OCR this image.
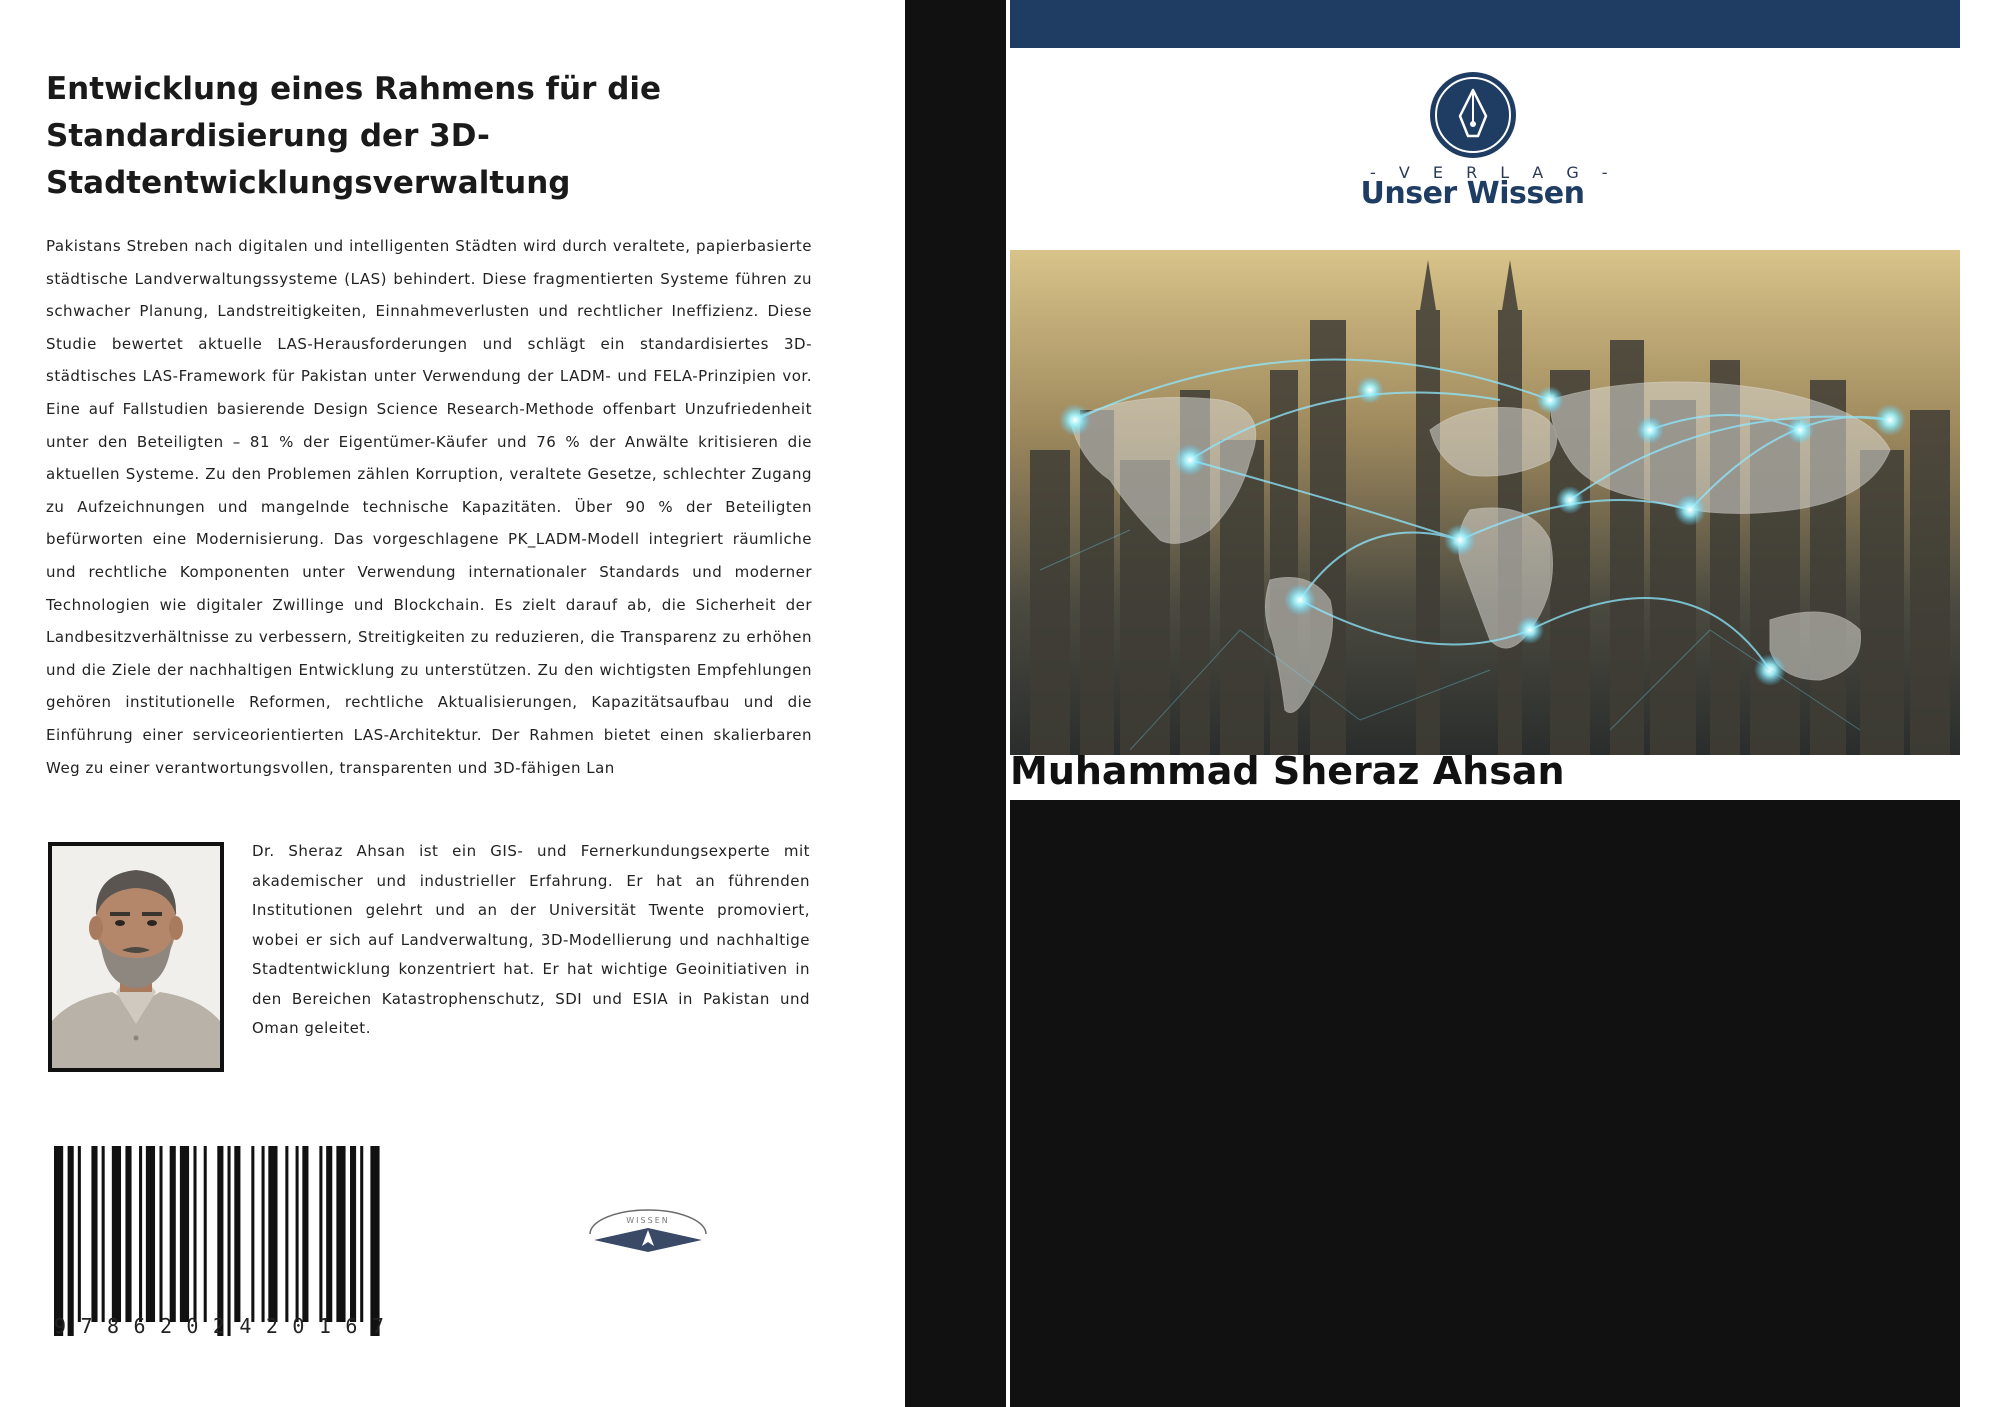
Entwicklung eines Rahmens für die Standardisierung der 3D-Stadtentwicklungsverwaltung

Pakistans Streben nach digitalen und intelligenten Städten wird durch veraltete, papierbasierte städtische Landverwaltungssysteme (LAS) behindert. Diese fragmentierten Systeme führen zu schwacher Planung, Landstreitigkeiten, Einnahmeverlusten und rechtlicher Ineffizienz. Diese Studie bewertet aktuelle LAS-Herausforderungen und schlägt ein standardisiertes 3D-städtisches LAS-Framework für Pakistan unter Verwendung der LADM- und FELA-Prinzipien vor. Eine auf Fallstudien basierende Design Science Research-Methode offenbart Unzufriedenheit unter den Beteiligten – 81 % der Eigentümer-Käufer und 76 % der Anwälte kritisieren die aktuellen Systeme. Zu den Problemen zählen Korruption, veraltete Gesetze, schlechter Zugang zu Aufzeichnungen und mangelnde technische Kapazitäten. Über 90 % der Beteiligten befürworten eine Modernisierung. Das vorgeschlagene PK_LADM-Modell integriert räumliche und rechtliche Komponenten unter Verwendung internationaler Standards und moderner Technologien wie digitaler Zwillinge und Blockchain. Es zielt darauf ab, die Sicherheit der Landbesitzverhältnisse zu verbessern, Streitigkeiten zu reduzieren, die Transparenz zu erhöhen und die Ziele der nachhaltigen Entwicklung zu unterstützen. Zu den wichtigsten Empfehlungen gehören institutionelle Reformen, rechtliche Aktualisierungen, Kapazitätsaufbau und die Einführung einer serviceorientierten LAS-Architektur. Der Rahmen bietet einen skalierbaren Weg zu einer verantwortungsvollen, transparenten und 3D-fähigen Lan

Dr. Sheraz Ahsan ist ein GIS- und Fernerkundungsexperte mit akademischer und industrieller Erfahrung. Er hat an führenden Institutionen gelehrt und an der Universität Twente promoviert, wobei er sich auf Landverwaltung, 3D-Modellierung und nachhaltige Stadtentwicklung konzentriert hat. Er hat wichtige Geoinitiativen in den Bereichen Katastrophenschutz, SDI und ESIA in Pakistan und Oman geleitet.

9 7 8 6 2 0 2 4 2 0 1 6 7
WISSEN
- V E R L A G -
Unser Wissen
Muhammad Sheraz Ahsan
